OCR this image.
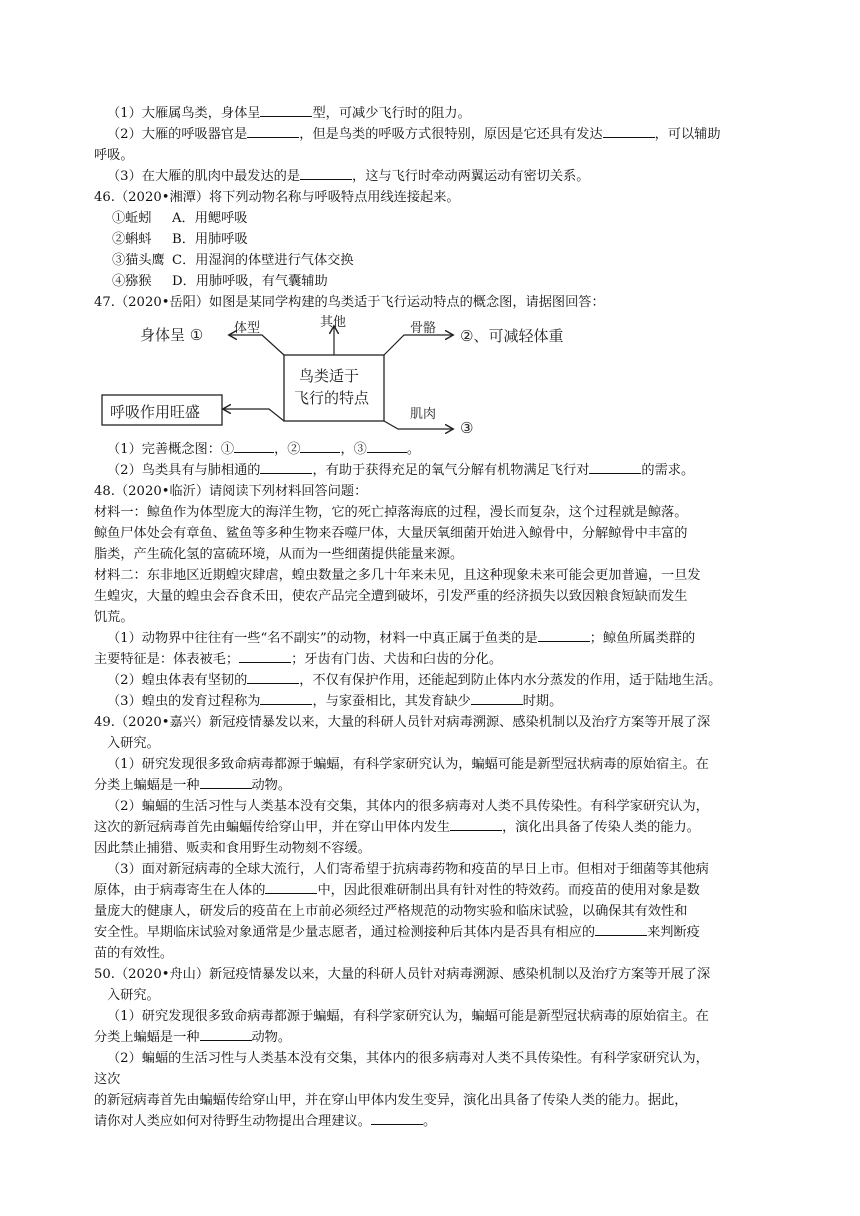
（1）大雁属鸟类，身体呈	型，可减少飞行时的阻力。
（2）大雁的呼吸器官是	，但是鸟类的呼吸方式很特别，原因是它还具有发达	，可以辅助
呼吸。
（3）在大雁的肌肉中最发达的是	，这与飞行时牵动两翼运动有密切关系。
46.（2020•湘潭）将下列动物名称与呼吸特点用线连接起来。
①蚯蚓 A．用鳃呼吸
②蝌蚪 B．用肺呼吸
③猫头鹰 C．用湿润的体壁进行气体交换
④猕猴 D．用肺呼吸，有气囊辅助
47.（2020•岳阳）如图是某同学构建的鸟类适于飞行运动特点的概念图，请据图回答：
鸟类适于
飞行的特点
身体呈 ① 体型	其他	骨骼 ②、可减轻体重
呼吸作用旺盛	肌肉
③
（1）完善概念图：①	，②	，③	。
（2）鸟类具有与肺相通的	，有助于获得充足的氧气分解有机物满足飞行对	的需求。
48.（2020•临沂）请阅读下列材料回答问题：
材料一：鲸鱼作为体型庞大的海洋生物，它的死亡掉落海底的过程，漫长而复杂，这个过程就是鲸落。
鲸鱼尸体处会有章鱼、鲨鱼等多种生物来吞噬尸体，大量厌氧细菌开始进入鲸骨中，分解鲸骨中丰富的
脂类，产生硫化氢的富硫环境，从而为一些细菌提供能量来源。
材料二：东非地区近期蝗灾肆虐，蝗虫数量之多几十年来未见，且这种现象未来可能会更加普遍，一旦发
生蝗灾，大量的蝗虫会吞食禾田，使农产品完全遭到破坏，引发严重的经济损失以致因粮食短缺而发生
饥荒。
（1）动物界中往往有一些“名不副实”的动物，材料一中真正属于鱼类的是	；鲸鱼所属类群的
主要特征是：体表被毛；	；牙齿有门齿、犬齿和臼齿的分化。
（2）蝗虫体表有坚韧的	，不仅有保护作用，还能起到防止体内水分蒸发的作用，适于陆地生活。
（3）蝗虫的发育过程称为	，与家蚕相比，其发育缺少	时期。
49.（2020•嘉兴）新冠疫情暴发以来，大量的科研人员针对病毒溯源、感染机制以及治疗方案等开展了深
入研究。
（1）研究发现很多致命病毒都源于蝙蝠，有科学家研究认为，蝙蝠可能是新型冠状病毒的原始宿主。在
分类上蝙蝠是一种	动物。
（2）蝙蝠的生活习性与人类基本没有交集，其体内的很多病毒对人类不具传染性。有科学家研究认为，
这次的新冠病毒首先由蝙蝠传给穿山甲，并在穿山甲体内发生	，演化出具备了传染人类的能力。
因此禁止捕猎、贩卖和食用野生动物刻不容缓。
（3）面对新冠病毒的全球大流行，人们寄希望于抗病毒药物和疫苗的早日上市。但相对于细菌等其他病
原体，由于病毒寄生在人体的	中，因此很难研制出具有针对性的特效药。而疫苗的使用对象是数
量庞大的健康人，研发后的疫苗在上市前必须经过严格规范的动物实验和临床试验，以确保其有效性和
安全性。早期临床试验对象通常是少量志愿者，通过检测接种后其体内是否具有相应的	来判断疫
苗的有效性。
50.（2020•舟山）新冠疫情暴发以来，大量的科研人员针对病毒溯源、感染机制以及治疗方案等开展了深
入研究。
（1）研究发现很多致命病毒都源于蝙蝠，有科学家研究认为，蝙蝠可能是新型冠状病毒的原始宿主。在
分类上蝙蝠是一种	动物。
（2）蝙蝠的生活习性与人类基本没有交集，其体内的很多病毒对人类不具传染性。有科学家研究认为，
这次
的新冠病毒首先由蝙蝠传给穿山甲，并在穿山甲体内发生变异，演化出具备了传染人类的能力。据此，
请你对人类应如何对待野生动物提出合理建议。	。
